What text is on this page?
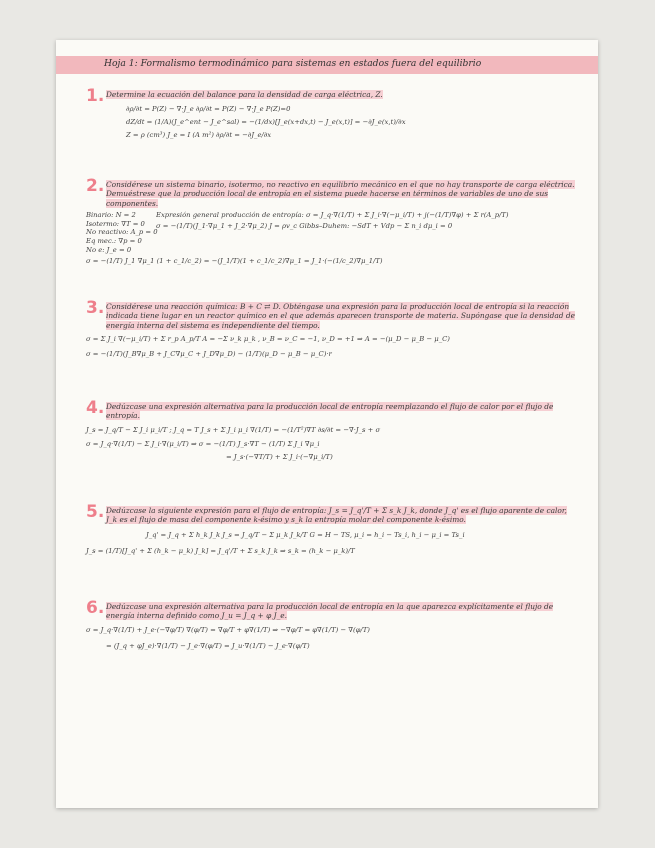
Hoja 1: Formalismo termodinámico para sistemas en estados fuera del equilibrio
1. Determine la ecuación del balance para la densidad de carga eléctrica, Z.
∂ρ/∂t = P(Z) − ∇·J_e ∂ρ/∂t = P(Z) − ∇·J_e P(Z)=0
dZ/dt = (1/A)(J_e^ent − J_e^sal) = −(1/dx)[J_e(x+dx,t) − J_e(x,t)] = −∂J_e(x,t)/∂x
Z = ρ (cm³) J_e = I (A m²) ∂ρ/∂t = −∂J_e/∂x
2. Considérese un sistema binario, isotermo, no reactivo en equilibrio mecánico en el que no hay transporte de carga eléctrica. Demuéstrese que la producción local de entropía en el sistema puede hacerse en términos de variables de uno de sus componentes.
Binario: N = 2
Isotermo: ∇T = 0
No reactivo: A_p = 0
Eq mec.: ∇p = 0
No e: J_e = 0
Expresión general producción de entropía: σ = J_q·∇(1/T) + Σ J_i·∇(−μ_i/T) + j(−(1/T)∇φ) + Σ r(A_p/T)
σ = −(1/T)(J_1·∇μ_1 + J_2·∇μ_2) J = ρv_c Gibbs–Duhem: −SdT + Vdp − Σ n_i dμ_i = 0
σ = −(1/T) J_1 ∇μ_1 (1 + c_1/c_2) = −(J_1/T)(1 + c_1/c_2)∇μ_1 = J_1·(−(1/c_2)∇μ_1/T)
3. Considérese una reacción química: B + C ⇄ D. Obténgase una expresión para la producción local de entropía si la reacción indicada tiene lugar en un reactor químico en el que además aparecen transporte de materia. Supóngase que la densidad de energía interna del sistema es independiente del tiempo.
σ = Σ J_i ∇(−μ_i/T) + Σ r_p A_p/T A = −Σ ν_k μ_k , ν_B = ν_C = −1, ν_D = +1 ⇒ A = −(μ_D − μ_B − μ_C)
σ = −(1/T)(J_B∇μ_B + J_C∇μ_C + J_D∇μ_D) − (1/T)(μ_D − μ_B − μ_C)·r
4. Dedúzcase una expresión alternativa para la producción local de entropía reemplazando el flujo de calor por el flujo de entropía.
J_s = J_q/T − Σ J_i μ_i/T ; J_q = T J_s + Σ J_i μ_i ∇(1/T) = −(1/T²)∇T ∂s/∂t = −∇·J_s + σ
σ = J_q·∇(1/T) − Σ J_i·∇(μ_i/T) ⇒ σ = −(1/T) J_s·∇T − (1/T) Σ J_i ∇μ_i
= J_s·(−∇T/T) + Σ J_i·(−∇μ_i/T)
5. Dedúzcase la siguiente expresión para el flujo de entropía: J_s = J_q'/T + Σ s_k J_k, donde J_q' es el flujo aparente de calor, J_k es el flujo de masa del componente k-ésimo y s_k la entropía molar del componente k-ésimo.
J_q' = J_q + Σ h_k J_k J_s = J_q/T − Σ μ_k J_k/T G = H − TS, μ_i = h_i − Ts_i, h_i − μ_i = Ts_i
J_s = (1/T)[J_q' + Σ (h_k − μ_k) J_k] = J_q'/T + Σ s_k J_k ⇒ s_k = (h_k − μ_k)/T
6. Dedúzcase una expresión alternativa para la producción local de entropía en la que aparezca explícitamente el flujo de energía interna definido como J_u = J_q + φ J_e.
σ = J_q·∇(1/T) + J_e·(−∇φ/T) ∇(φ/T) = ∇φ/T + φ∇(1/T) ⇒ −∇φ/T = φ∇(1/T) − ∇(φ/T)
= (J_q + φJ_e)·∇(1/T) − J_e·∇(φ/T) = J_u·∇(1/T) − J_e·∇(φ/T)
